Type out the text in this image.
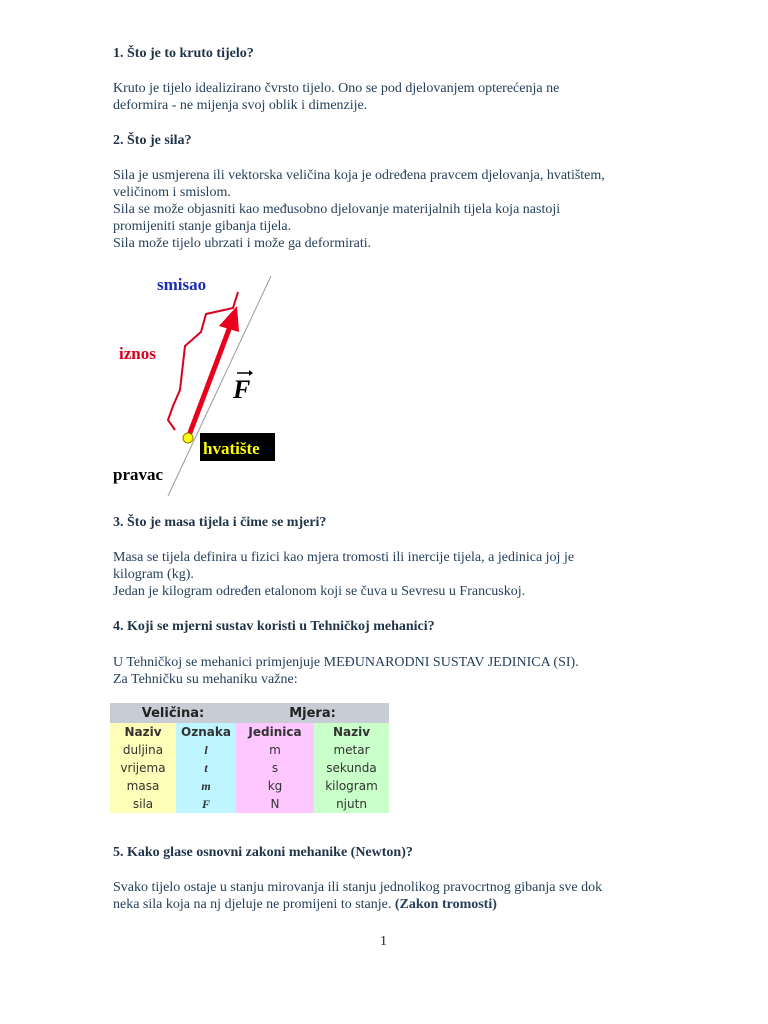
1. Što je to kruto tijelo?
Kruto je tijelo idealizirano čvrsto tijelo. Ono se pod djelovanjem opterećenja ne
deformira - ne mijenja svoj oblik i dimenzije.
2. Što je sila?
Sila je usmjerena ili vektorska veličina koja je određena pravcem djelovanja, hvatištem,
veličinom i smislom.
Sila se može objasniti kao međusobno djelovanje materijalnih tijela koja nastoji
promijeniti stanje gibanja tijela.
Sila može tijelo ubrzati i može ga deformirati.
smisao
iznos
F
hvatište
pravac
3. Što je masa tijela i čime se mjeri?
Masa se tijela definira u fizici kao mjera tromosti ili inercije tijela, a jedinica joj je
kilogram (kg).
Jedan je kilogram određen etalonom koji se čuva u Sevresu u Francuskoj.
4. Koji se mjerni sustav koristi u Tehničkoj mehanici?
U Tehničkoj se mehanici primjenjuje MEĐUNARODNI SUSTAV JEDINICA (SI).
Za Tehničku su mehaniku važne:
Veličina:		Mjera:	
Naziv	Oznaka	Jedinica	Naziv
duljina	l	m	metar
vrijema	t	s	sekunda
masa	m	kg	kilogram
sila	F	N	njutn
5. Kako glase osnovni zakoni mehanike (Newton)?
Svako tijelo ostaje u stanju mirovanja ili stanju jednolikog pravocrtnog gibanja sve dok
neka sila koja na nj djeluje ne promijeni to stanje. (Zakon tromosti)
1
